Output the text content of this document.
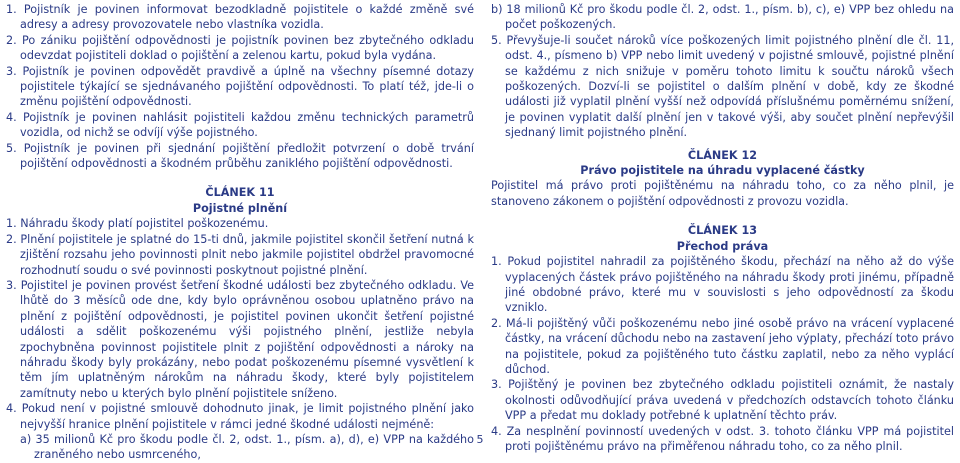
1. Pojistník je povinen informovat bezodkladně pojistitele o každé změně své adresy a adresy provozovatele nebo vlastníka vozidla.

2. Po zániku pojištění odpovědnosti je pojistník povinen bez zbytečného odkladu odevzdat pojistiteli doklad o pojištění a zelenou kartu, pokud byla vydána.

3. Pojistník je povinen odpovědět pravdivě a úplně na všechny písemné dotazy pojistitele týkající se sjednávaného pojištění odpovědnosti. To platí též, jde-li o změnu pojištění odpovědnosti.

4. Pojistník je povinen nahlásit pojistiteli každou změnu technických parametrů vozidla, od nichž se odvíjí výše pojistného.

5. Pojistník je povinen při sjednání pojištění předložit potvrzení o době trvání pojištění odpovědnosti a škodném průběhu zaniklého pojištění odpovědnosti.

ČLÁNEK 11

Pojistné plnění

1. Náhradu škody platí pojistitel poškozenému.

2. Plnění pojistitele je splatné do 15-ti dnů, jakmile pojistitel skončil šetření nutná k zjištění rozsahu jeho povinnosti plnit nebo jakmile pojistitel obdržel pravomocné rozhodnutí soudu o své povinnosti poskytnout pojistné plnění.

3. Pojistitel je povinen provést šetření škodné události bez zbytečného odkladu. Ve lhůtě do 3 měsíců ode dne, kdy bylo oprávněnou osobou uplatněno právo na plnění z pojištění odpovědnosti, je pojistitel povinen ukončit šetření pojistné události a sdělit poškozenému výši pojistného plnění, jestliže nebyla zpochybněna povinnost pojistitele plnit z pojištění odpovědnosti a nároky na náhradu škody byly prokázány, nebo podat poškozenému písemné vysvětlení k těm jím uplatněným nárokům na náhradu škody, které byly pojistitelem zamítnuty nebo u kterých bylo plnění pojistitele sníženo.

4. Pokud není v pojistné smlouvě dohodnuto jinak, je limit pojistného plnění jako nejvyšší hranice plnění pojistitele v rámci jedné škodné události nejméně:

a) 35 milionů Kč pro škodu podle čl. 2, odst. 1., písm. a), d), e) VPP na každého zraněného nebo usmrceného,

b) 18 milionů Kč pro škodu podle čl. 2, odst. 1., písm. b), c), e) VPP bez ohledu na počet poškozených.

5. Převyšuje-li součet nároků více poškozených limit pojistného plnění dle čl. 11, odst. 4., písmeno b) VPP nebo limit uvedený v pojistné smlouvě, pojistné plnění se každému z nich snižuje v poměru tohoto limitu k součtu nároků všech poškozených. Dozví-li se pojistitel o dalším plnění v době, kdy ze škodné události již vyplatil plnění vyšší než odpovídá příslušnému poměrnému snížení, je povinen vyplatit další plnění jen v takové výši, aby součet plnění nepřevýšil sjednaný limit pojistného plnění.

ČLÁNEK 12

Právo pojistitele na úhradu vyplacené částky

Pojistitel má právo proti pojištěnému na náhradu toho, co za něho plnil, je stanoveno zákonem o pojištění odpovědnosti z provozu vozidla.

ČLÁNEK 13

Přechod práva

1. Pokud pojistitel nahradil za pojištěného škodu, přechází na něho až do výše vyplacených částek právo pojištěného na náhradu škody proti jinému, případně jiné obdobné právo, které mu v souvislosti s jeho odpovědností za škodu vzniklo.

2. Má-li pojištěný vůči poškozenému nebo jiné osobě právo na vrácení vyplacené částky, na vrácení důchodu nebo na zastavení jeho výplaty, přechází toto právo na pojistitele, pokud za pojištěného tuto částku zaplatil, nebo za něho vyplácí důchod.

3. Pojištěný je povinen bez zbytečného odkladu pojistiteli oznámit, že nastaly okolnosti odůvodňující práva uvedená v předchozích odstavcích tohoto článku VPP a předat mu doklady potřebné k uplatnění těchto práv.

4. Za nesplnění povinností uvedených v odst. 3. tohoto článku VPP má pojistitel proti pojištěnému právo na přiměřenou náhradu toho, co za něho plnil.

5
